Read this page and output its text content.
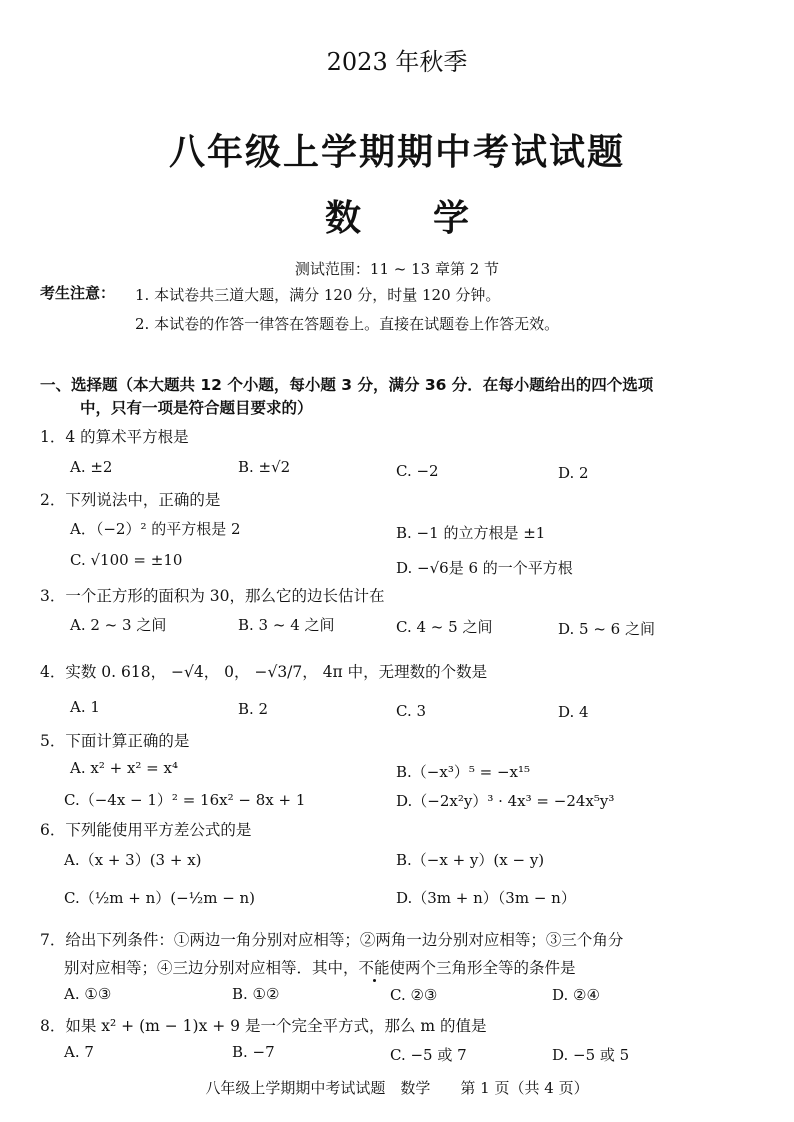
2023 年秋季
八年级上学期期中考试试题
数　　学
测试范围：11 ~ 13 章第 2 节
考生注意： 1. 本试卷共三道大题，满分 120 分，时量 120 分钟。
2. 本试卷的作答一律答在答题卷上。直接在试题卷上作答无效。
一、选择题（本大题共 12 个小题，每小题 3 分，满分 36 分．在每小题给出的四个选项
中，只有一项是符合题目要求的）
1．4 的算术平方根是
A. ±2	B. ±√2	C. −2	D. 2
2．下列说法中，正确的是
A．（−2）² 的平方根是 2	B. −1 的立方根是 ±1
C. √100 = ±10	D. −√6是 6 的一个平方根
3．一个正方形的面积为 30，那么它的边长估计在
A. 2 ~ 3 之间	B. 3 ~ 4 之间	C. 4 ~ 5 之间	D. 5 ~ 6 之间
4．实数 0. 618， −√4， 0， −√3/7， 4π 中，无理数的个数是
A. 1	B. 2	C. 3	D. 4
5．下面计算正确的是
A. x² + x² = x⁴	B.（−x³）⁵ = −x¹⁵
C.（−4x − 1）² = 16x² − 8x + 1	D.（−2x²y）³ · 4x³ = −24x⁵y³
6．下列能使用平方差公式的是
A.（x + 3）(3 + x)	B.（−x + y）(x − y)
C.（½m + n）(−½m − n)	D.（3m + n）（3m − n）
7．给出下列条件：①两边一角分别对应相等；②两角一边分别对应相等；③三个角分
别对应相等；④三边分别对应相等．其中，不能使两个三角形全等的条件是
A. ①③	B. ①②	C. ②③	D. ②④
8．如果 x² + (m − 1)x + 9 是一个完全平方式，那么 m 的值是
A. 7	B. −7	C. −5 或 7	D. −5 或 5
八年级上学期期中考试试题　数学　　第 1 页（共 4 页）
